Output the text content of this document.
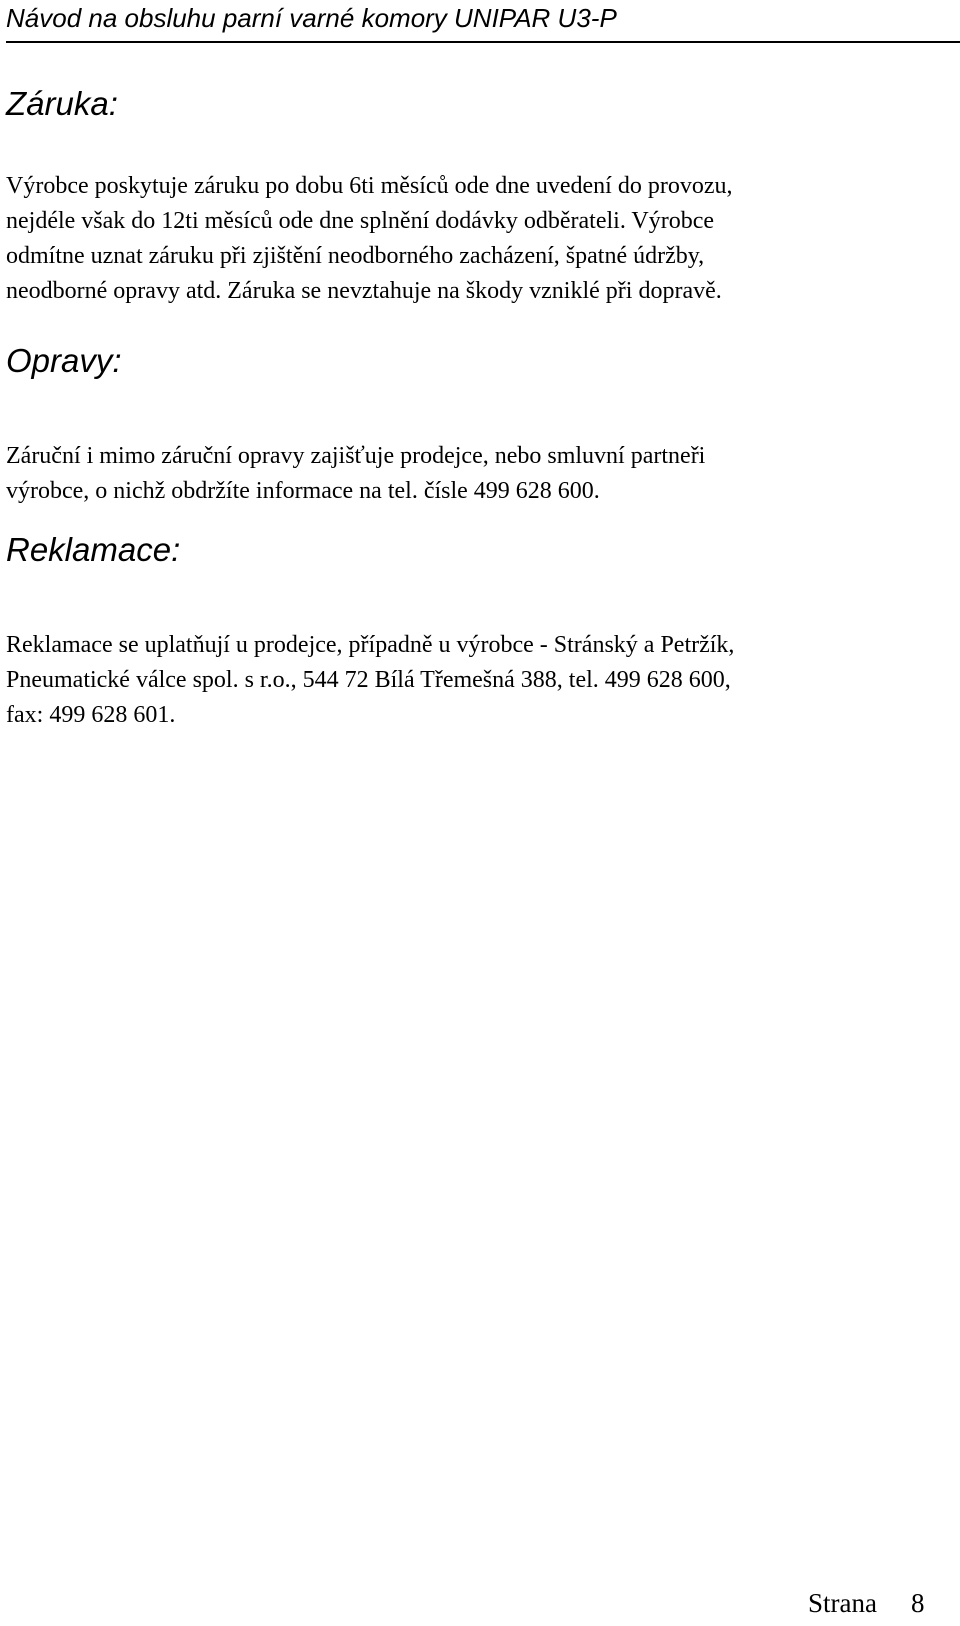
Návod na obsluhu parní varné komory UNIPAR U3-P
Záruka:
Výrobce poskytuje záruku po dobu 6ti měsíců ode dne uvedení do provozu,
nejdéle však do 12ti měsíců ode dne splnění dodávky odběrateli. Výrobce
odmítne uznat záruku při zjištění neodborného zacházení, špatné údržby,
neodborné opravy atd. Záruka se nevztahuje na škody vzniklé při dopravě.
Opravy:
Záruční i mimo záruční opravy zajišťuje prodejce, nebo smluvní partneři
výrobce, o nichž obdržíte informace na tel. čísle 499 628 600.
Reklamace:
Reklamace se uplatňují u prodejce, případně u výrobce - Stránský a Petržík,
Pneumatické válce spol. s r.o., 544 72 Bílá Třemešná 388, tel. 499 628 600,
fax: 499 628 601.
Strana 8
